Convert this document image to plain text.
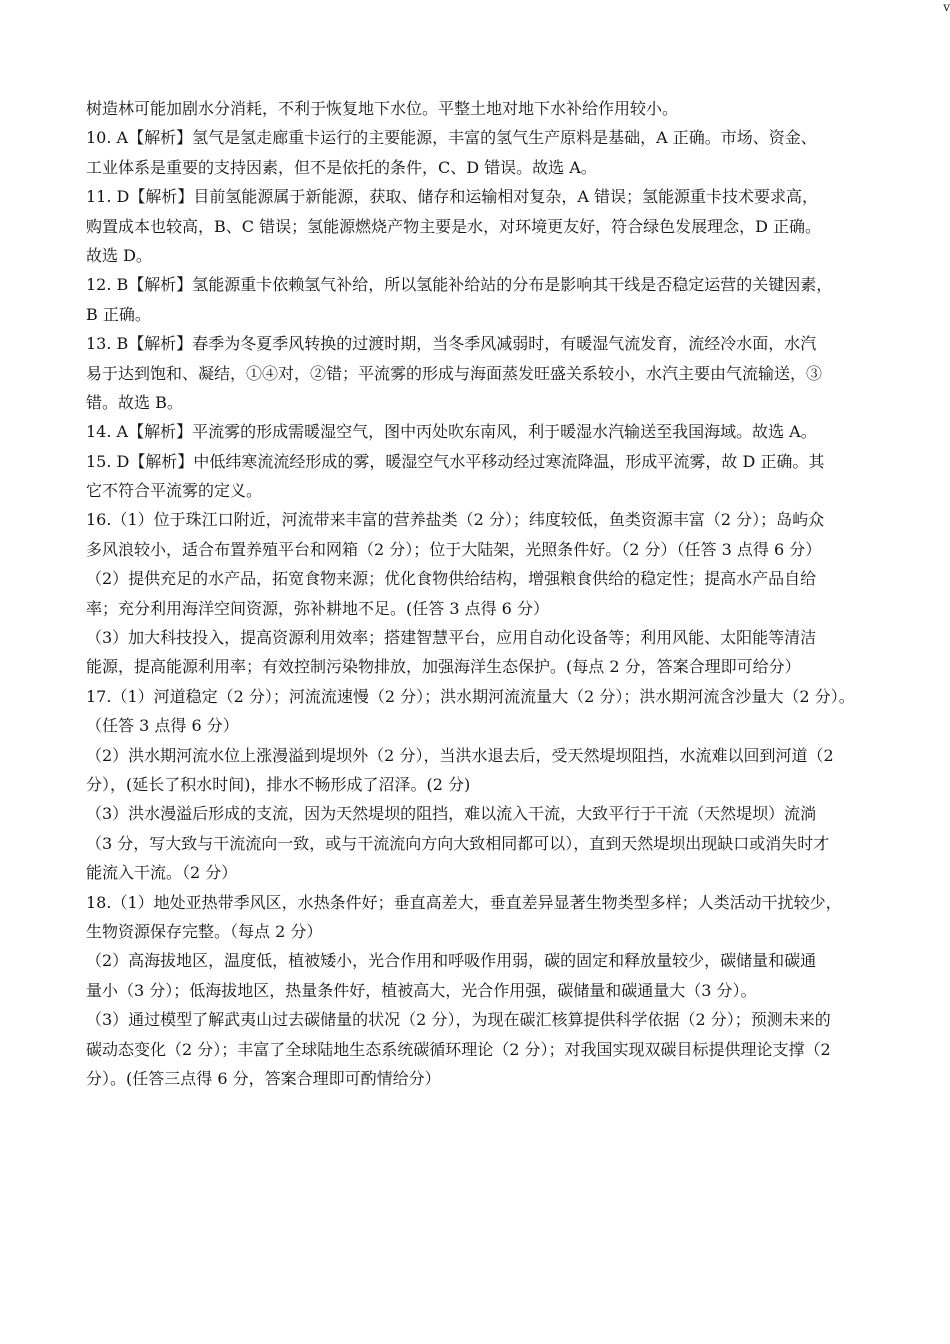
v
树造林可能加剧水分消耗，不利于恢复地下水位。平整土地对地下水补给作用较小。
10. A【解析】氢气是氢走廊重卡运行的主要能源，丰富的氢气生产原料是基础，A 正确。市场、资金、
工业体系是重要的支持因素，但不是依托的条件，C、D 错误。故选 A。
11. D【解析】目前氢能源属于新能源，获取、储存和运输相对复杂，A 错误；氢能源重卡技术要求高，
购置成本也较高，B、C 错误；氢能源燃烧产物主要是水，对环境更友好，符合绿色发展理念，D 正确。
故选 D。
12. B【解析】氢能源重卡依赖氢气补给，所以氢能补给站的分布是影响其干线是否稳定运营的关键因素，
B 正确。
13. B【解析】春季为冬夏季风转换的过渡时期，当冬季风减弱时，有暖湿气流发育，流经冷水面，水汽
易于达到饱和、凝结，①④对，②错；平流雾的形成与海面蒸发旺盛关系较小，水汽主要由气流输送，③
错。故选 B。
14. A【解析】平流雾的形成需暖湿空气，图中丙处吹东南风，利于暖湿水汽输送至我国海域。故选 A。
15. D【解析】中低纬寒流流经形成的雾，暖湿空气水平移动经过寒流降温，形成平流雾，故 D 正确。其
它不符合平流雾的定义。
16.（1）位于珠江口附近，河流带来丰富的营养盐类（2 分）；纬度较低，鱼类资源丰富（2 分）；岛屿众
多风浪较小，适合布置养殖平台和网箱（2 分）；位于大陆架，光照条件好。（2 分）（任答 3 点得 6 分）
（2）提供充足的水产品，拓宽食物来源；优化食物供给结构，增强粮食供给的稳定性；提高水产品自给
率；充分利用海洋空间资源，弥补耕地不足。(任答 3 点得 6 分）
（3）加大科技投入，提高资源利用效率；搭建智慧平台，应用自动化设备等；利用风能、太阳能等清洁
能源，提高能源利用率；有效控制污染物排放，加强海洋生态保护。(每点 2 分，答案合理即可给分）
17.（1）河道稳定（2 分）；河流流速慢（2 分）；洪水期河流流量大（2 分）；洪水期河流含沙量大（2 分）。
（任答 3 点得 6 分）
（2）洪水期河流水位上涨漫溢到堤坝外（2 分），当洪水退去后，受天然堤坝阻挡，水流难以回到河道（2
分），(延长了积水时间)，排水不畅形成了沼泽。(2 分)
（3）洪水漫溢后形成的支流，因为天然堤坝的阻挡，难以流入干流，大致平行于干流（天然堤坝）流淌
（3 分，写大致与干流流向一致，或与干流流向方向大致相同都可以），直到天然堤坝出现缺口或消失时才
能流入干流。（2 分）
18.（1）地处亚热带季风区，水热条件好；垂直高差大，垂直差异显著生物类型多样；人类活动干扰较少，
生物资源保存完整。（每点 2 分）
（2）高海拔地区，温度低，植被矮小，光合作用和呼吸作用弱，碳的固定和释放量较少，碳储量和碳通
量小（3 分）；低海拔地区，热量条件好，植被高大，光合作用强，碳储量和碳通量大（3 分）。
（3）通过模型了解武夷山过去碳储量的状况（2 分），为现在碳汇核算提供科学依据（2 分）；预测未来的
碳动态变化（2 分）；丰富了全球陆地生态系统碳循环理论（2 分）；对我国实现双碳目标提供理论支撑（2
分）。(任答三点得 6 分，答案合理即可酌情给分）
